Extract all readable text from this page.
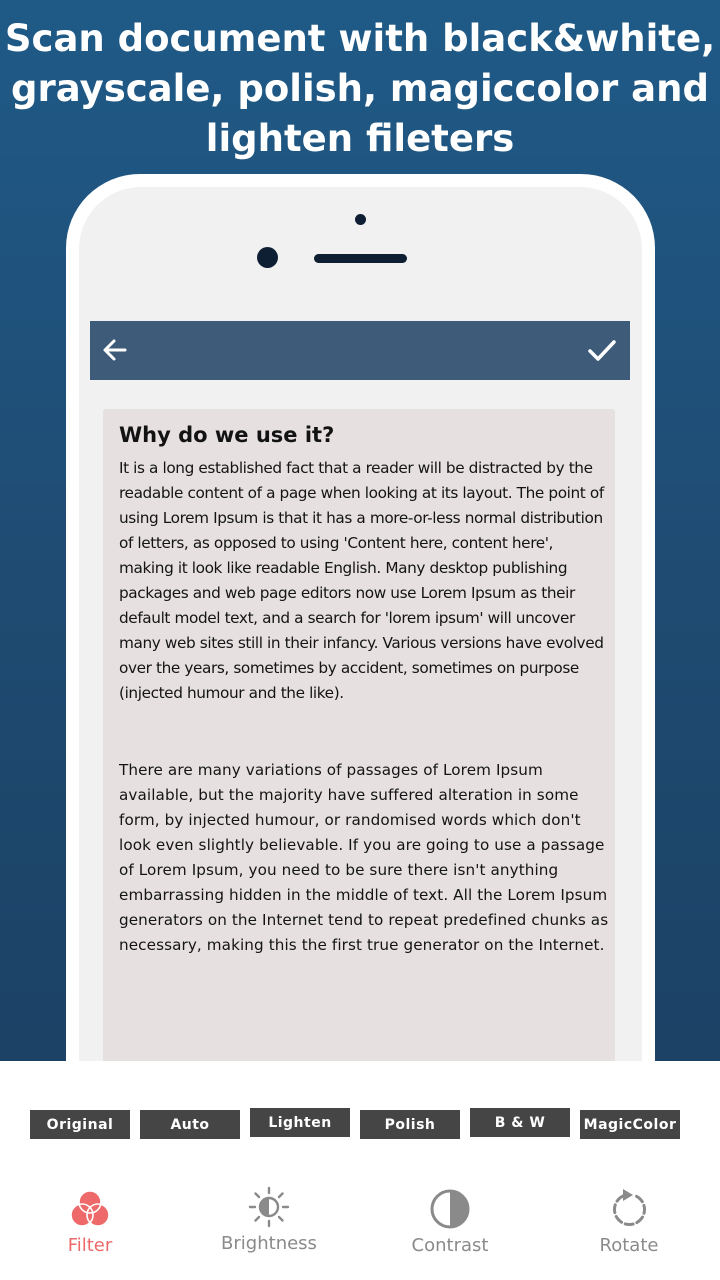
Scan document with black&white,
grayscale, polish, magiccolor and
lighten fileters
Why do we use it?

It is a long established fact that a reader will be distracted by the readable content of a page when looking at its layout. The point of using Lorem Ipsum is that it has a more-or-less normal distribution of letters, as opposed to using 'Content here, content here', making it look like readable English. Many desktop publishing packages and web page editors now use Lorem Ipsum as their default model text, and a search for 'lorem ipsum' will uncover many web sites still in their infancy. Various versions have evolved over the years, sometimes by accident, sometimes on purpose (injected humour and the like).

There are many variations of passages of Lorem Ipsum available, but the majority have suffered alteration in some form, by injected humour, or randomised words which don't look even slightly believable. If you are going to use a passage of Lorem Ipsum, you need to be sure there isn't anything embarrassing hidden in the middle of text. All the Lorem Ipsum generators on the Internet tend to repeat predefined chunks as necessary, making this the first true generator on the Internet.

Original	Auto	Lighten	Polish	B & W	MagicColor
Filter	Brightness	Contrast	Rotate
